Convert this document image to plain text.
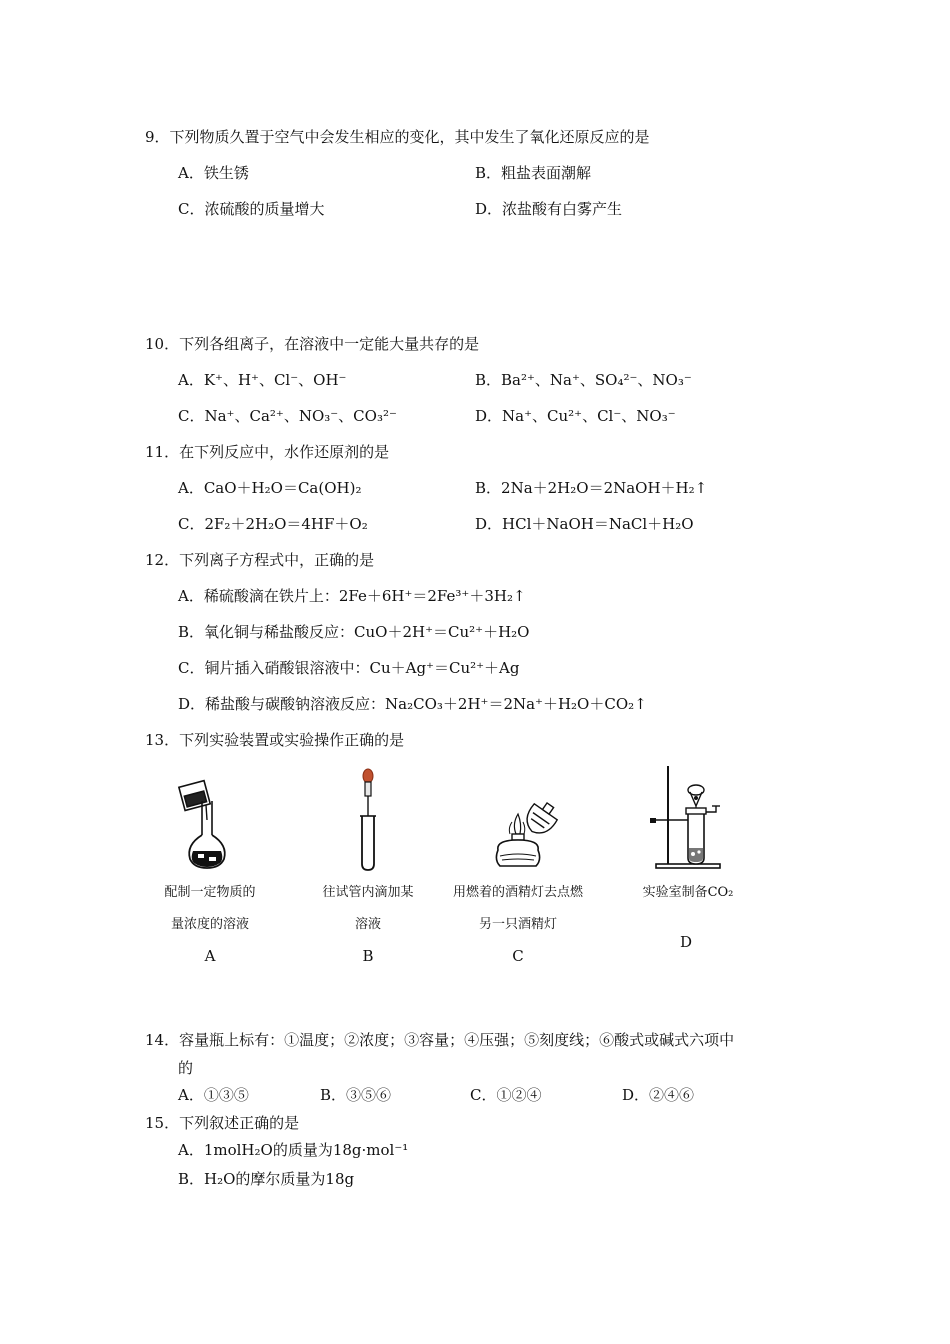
9．下列物质久置于空气中会发生相应的变化，其中发生了氧化还原反应的是
A．铁生锈	B．粗盐表面潮解
C．浓硫酸的质量增大	D．浓盐酸有白雾产生
10．下列各组离子，在溶液中一定能大量共存的是
A．K⁺、H⁺、Cl⁻、OH⁻	B．Ba²⁺、Na⁺、SO₄²⁻、NO₃⁻
C．Na⁺、Ca²⁺、NO₃⁻、CO₃²⁻	D．Na⁺、Cu²⁺、Cl⁻、NO₃⁻
11．在下列反应中，水作还原剂的是
A．CaO＋H₂O＝Ca(OH)₂	B．2Na＋2H₂O＝2NaOH＋H₂↑
C．2F₂＋2H₂O＝4HF＋O₂	D．HCl＋NaOH＝NaCl＋H₂O
12．下列离子方程式中，正确的是
A．稀硫酸滴在铁片上：2Fe＋6H⁺＝2Fe³⁺＋3H₂↑
B．氧化铜与稀盐酸反应：CuO＋2H⁺＝Cu²⁺＋H₂O
C．铜片插入硝酸银溶液中：Cu＋Ag⁺＝Cu²⁺＋Ag
D．稀盐酸与碳酸钠溶液反应：Na₂CO₃＋2H⁺＝2Na⁺＋H₂O＋CO₂↑
13．下列实验装置或实验操作正确的是
配制一定物质的
量浓度的溶液
A
往试管内滴加某
溶液
B
用燃着的酒精灯去点燃
另一只酒精灯
C
实验室制备CO₂
D
14．容量瓶上标有：①温度；②浓度；③容量；④压强；⑤刻度线；⑥酸式或碱式六项中
的
A．①③⑤	B．③⑤⑥	C．①②④	D．②④⑥
15．下列叙述正确的是
A．1molH₂O的质量为18g·mol⁻¹
B．H₂O的摩尔质量为18g
